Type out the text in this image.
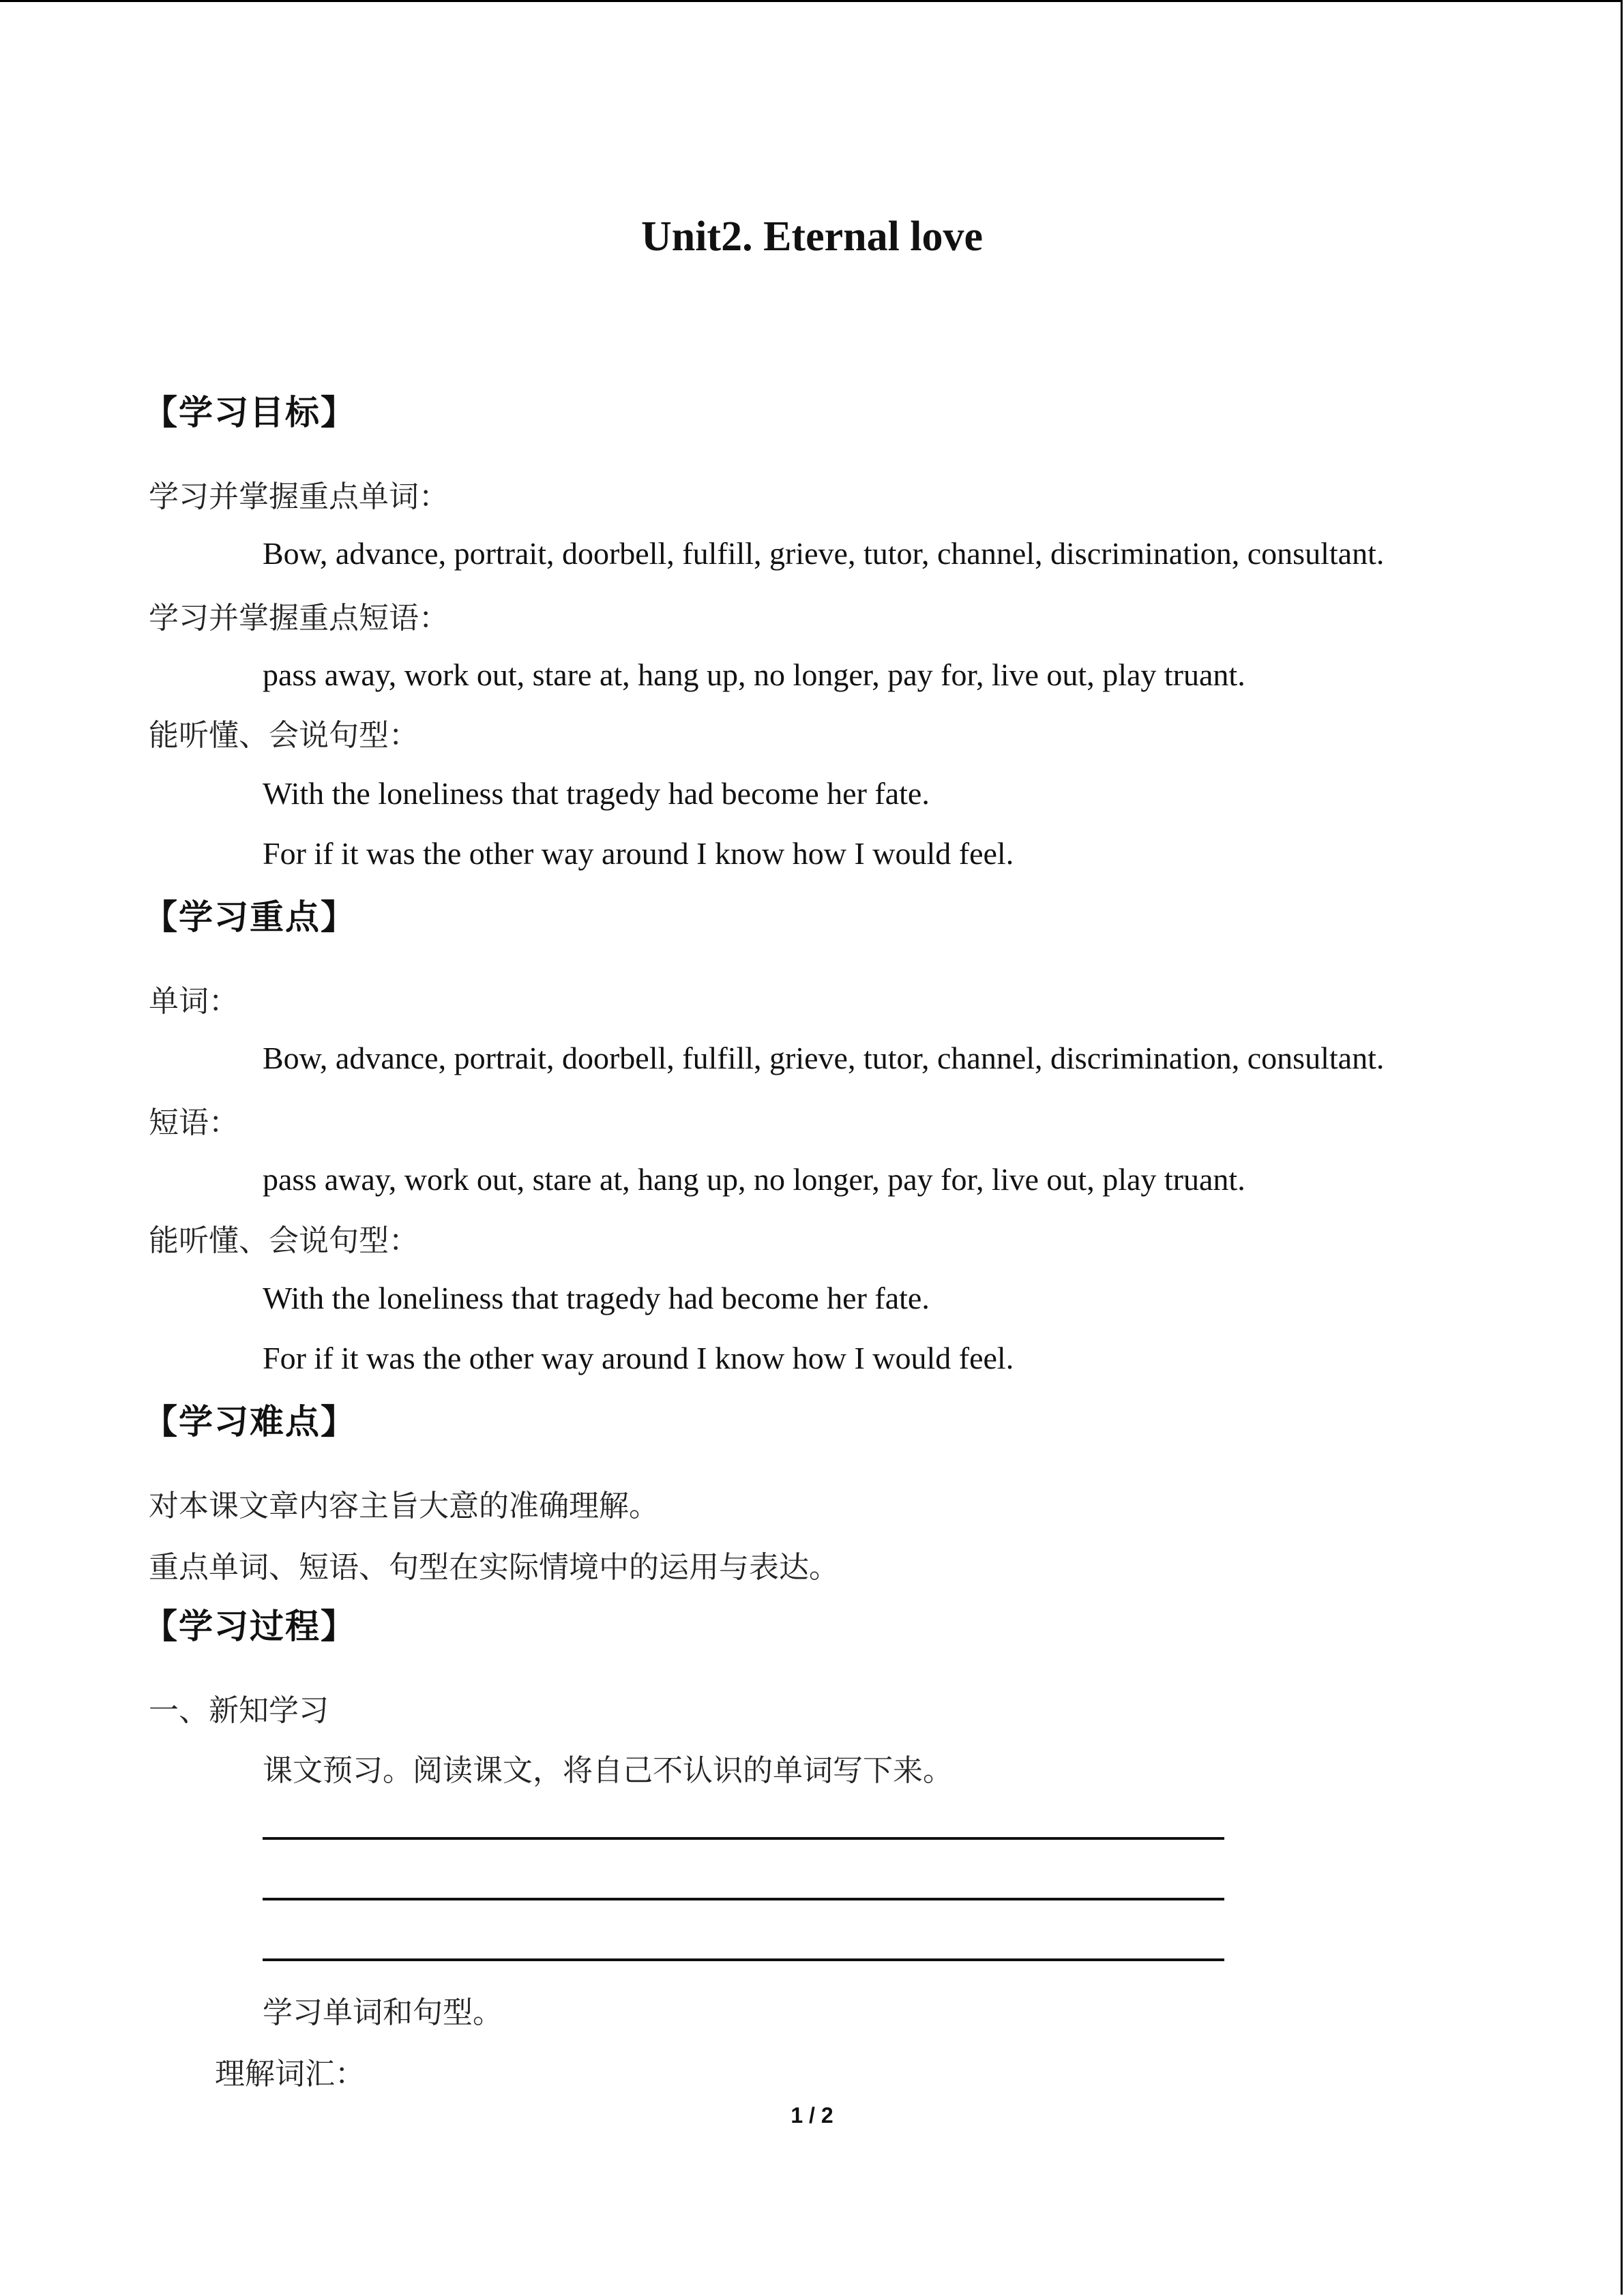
Unit2. Eternal love
【学习目标】
学习并掌握重点单词：
Bow, advance, portrait, doorbell, fulfill, grieve, tutor, channel, discrimination, consultant.
学习并掌握重点短语：
pass away, work out, stare at, hang up, no longer, pay for, live out, play truant.
能听懂、会说句型：
With the loneliness that tragedy had become her fate.
For if it was the other way around I know how I would feel.
【学习重点】
单词：
Bow, advance, portrait, doorbell, fulfill, grieve, tutor, channel, discrimination, consultant.
短语：
pass away, work out, stare at, hang up, no longer, pay for, live out, play truant.
能听懂、会说句型：
With the loneliness that tragedy had become her fate.
For if it was the other way around I know how I would feel.
【学习难点】
对本课文章内容主旨大意的准确理解。
重点单词、短语、句型在实际情境中的运用与表达。
【学习过程】
一、新知学习
课文预习。阅读课文，将自己不认识的单词写下来。
学习单词和句型。
理解词汇：
1 / 2
